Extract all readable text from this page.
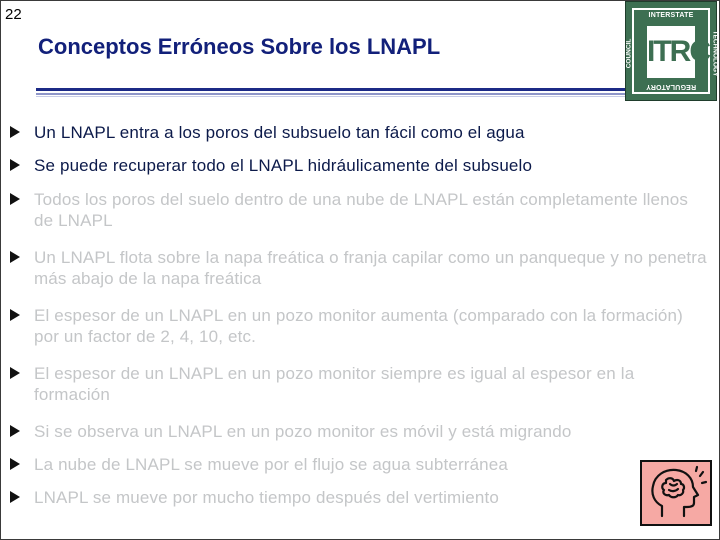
22
Conceptos Erróneos Sobre los LNAPL
INTERSTATE
COUNCIL	TECHNOLOGY
ITRC
REGULATORY
Un LNAPL entra a los poros del subsuelo tan fácil como el agua
Se puede recuperar todo el LNAPL hidráulicamente del subsuelo
Todos los poros del suelo dentro de una nube de LNAPL están completamente llenos de LNAPL
Un LNAPL flota sobre la napa freática o franja capilar como un panqueque y no penetra más abajo de la napa freática
El espesor de un LNAPL en un pozo monitor aumenta (comparado con la formación) por un factor de 2, 4, 10, etc.
El espesor de un LNAPL en un pozo monitor siempre es igual al espesor en la formación
Si se observa un LNAPL en un pozo monitor es móvil y está migrando
La nube de LNAPL se mueve por el flujo se agua subterránea
LNAPL se mueve por mucho tiempo después del vertimiento
